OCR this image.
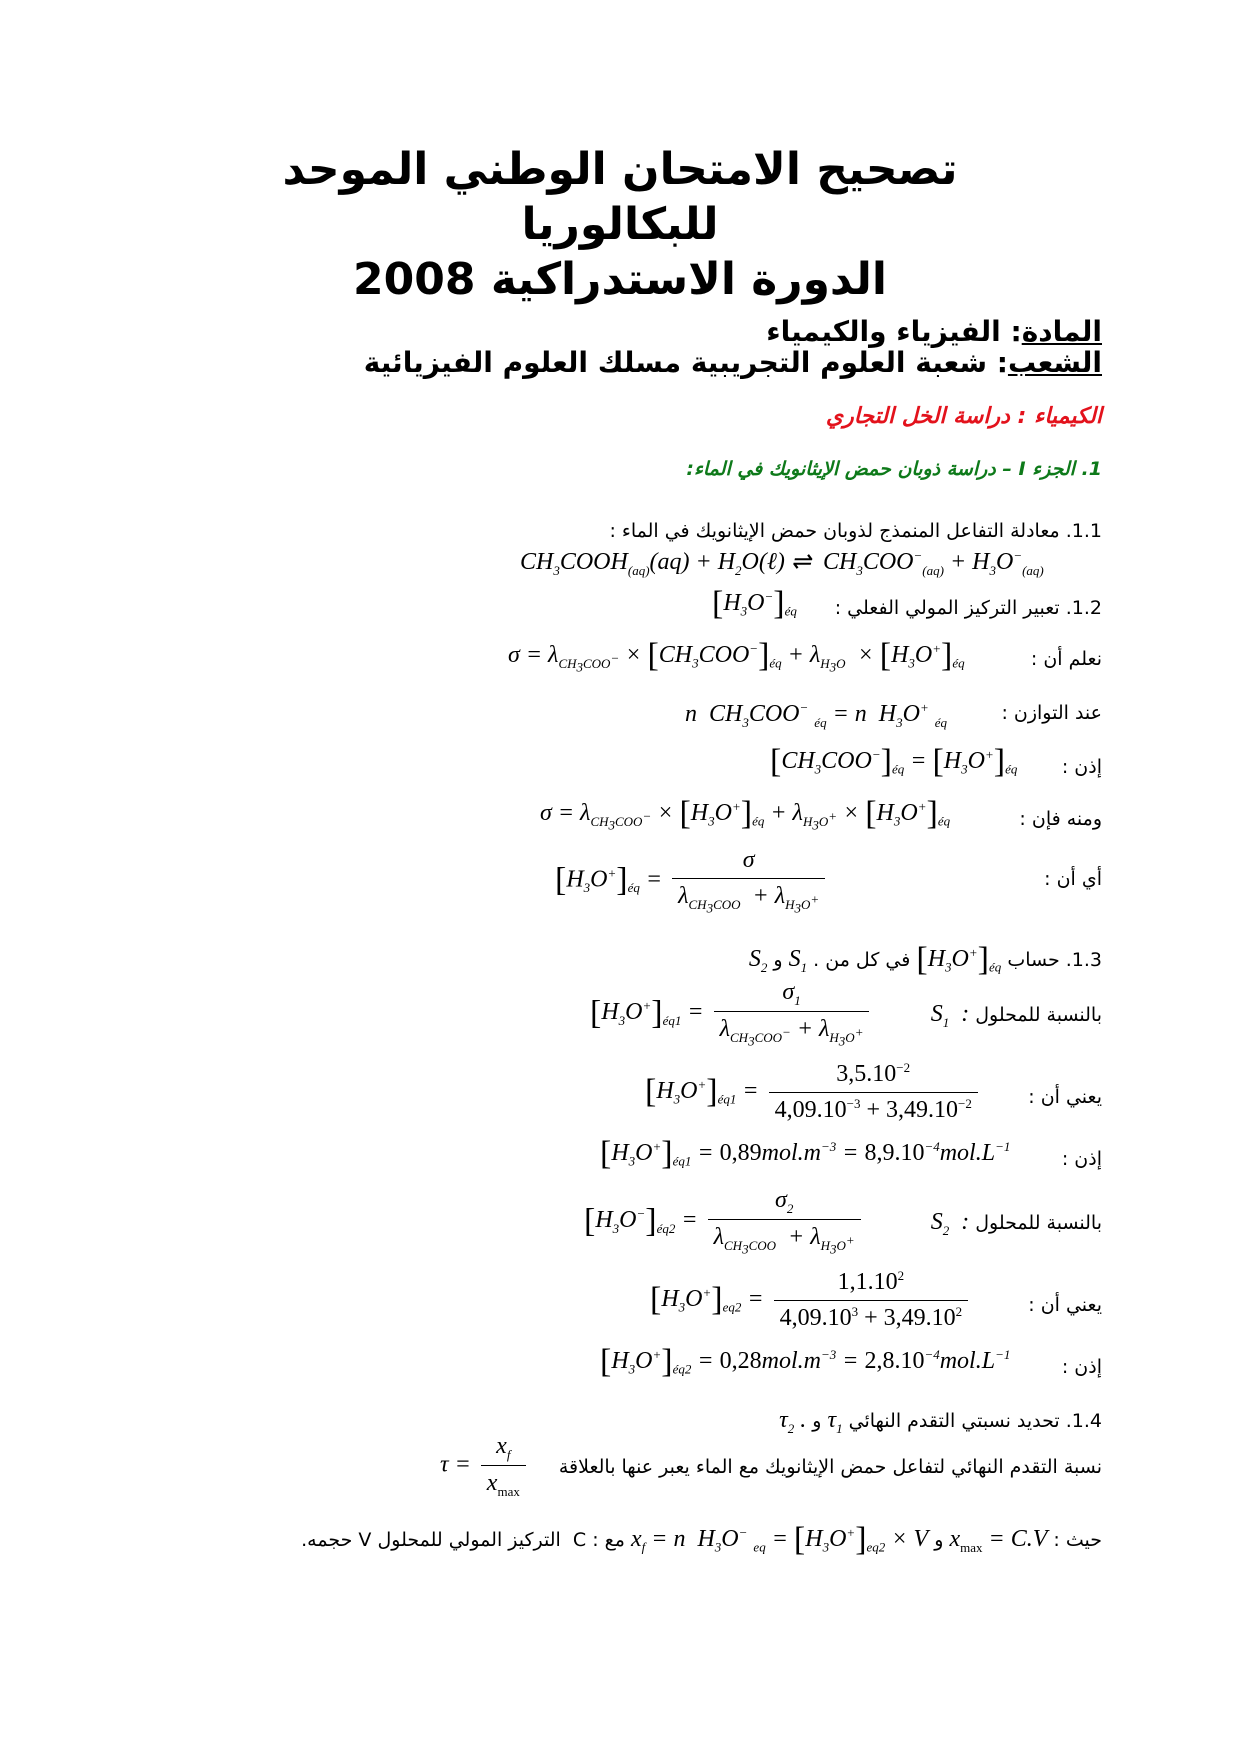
تصحيح الامتحان الوطني الموحد
للبكالوريا
الدورة الاستدراكية 2008
المادة: الفيزياء والكيمياء
الشعب: شعبة العلوم التجريبية مسلك العلوم الفيزيائية
الكيمياء : دراسة الخل التجاري
1. الجزء I – دراسة ذوبان حمض الإيثانويك في الماء:
1.1. معادلة التفاعل المنمذج لذوبان حمض الإيثانويك في الماء :
$CH_3COOH_{(aq)}(aq)$ + $H_2O(\ell)$ ⇌  $CH_3COO^-_{(aq)} + H_3O^-_{(aq)}$
1.2. تعبير التركيز المولي الفعلي :
$[H_3O^-]_{éq}$
نعلم أن :
$\sigma = \lambda_{CH_3COO^-} \times [CH_3COO^-]_{éq} + \lambda_{H_3O} \times [H_3O^+]_{éq}$
عند التوازن :
n  $CH_3COO^-$ $_{éq}$ = n  $H_3O^+$ $_{éq}$
إذن :
$[CH_3COO^-]_{éq} = [H_3O^+]_{éq}$
ومنه فإن :
$\sigma = \lambda_{CH_3COO^-} \times [H_3O^+]_{éq} + \lambda_{H_3O^+} \times [H_3O^+]_{éq}$
أي أن :
$[H_3O^+]_{éq} = \frac{\sigma}{\lambda_{CH_3COO} + \lambda_{H_3O^+}}$
1.3. حساب $[H_3O^+]_{éq}$ في كل من . $S_1$ و $S_2$
بالنسبة للمحلول $S_1$  :
$[H_3O^+]_{éq1} = \frac{\sigma_1}{\lambda_{CH_3COO^-} + \lambda_{H_3O^+}}$
يعني أن :
$[H_3O^+]_{éq1} = \frac{3,5.10^{-2}}{4,09.10^{-3} + 3,49.10^{-2}}$
إذن :
$[H_3O^+]_{éq1} = 0,89mol.m^{-3} = 8,9.10^{-4}mol.L^{-1}$
بالنسبة للمحلول $S_2$  :
$[H_3O^-]_{éq2} = \frac{\sigma_2}{\lambda_{CH_3COO} + \lambda_{H_3O^+}}$
يعني أن :
$[H_3O^+]_{eq2} = \frac{1,1.10^2}{4,09.10^3 + 3,49.10^2}$
إذن :
$[H_3O^+]_{éq2} = 0,28mol.m^{-3} = 2,8.10^{-4}mol.L^{-1}$
1.4. تحديد نسبتي التقدم النهائي $\tau_1$ و $\tau_2$ .
نسبة التقدم النهائي لتفاعل حمض الإيثانويك مع الماء يعبر عنها بالعلاقة
$\tau = \frac{x_f}{x_{max}}$
التركيز المولي للمحلول V حجمه.  C	حيث : $x_{max} = C.V$ و $x_f = n$  $H_3O^-$ $_{eq} = [H_3O^+]_{eq2} \times V$ مع :
